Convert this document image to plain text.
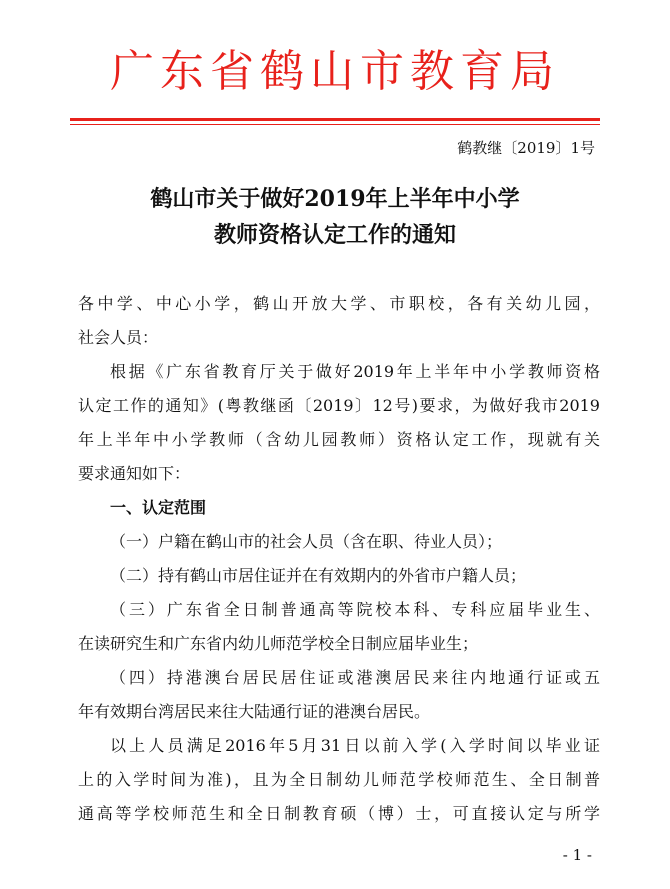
广东省鹤山市教育局
鹤教继〔2019〕1号
鹤山市关于做好2019年上半年中小学
教师资格认定工作的通知
各中学、中心小学，鹤山开放大学、市职校，各有关幼儿园，
社会人员：
根据《广东省教育厅关于做好2019年上半年中小学教师资格
认定工作的通知》(粤教继函〔2019〕12号)要求，为做好我市2019
年上半年中小学教师（含幼儿园教师）资格认定工作，现就有关
要求通知如下：
一、认定范围
（一）户籍在鹤山市的社会人员（含在职、待业人员）；
（二）持有鹤山市居住证并在有效期内的外省市户籍人员；
（三）广东省全日制普通高等院校本科、专科应届毕业生、
在读研究生和广东省内幼儿师范学校全日制应届毕业生；
（四）持港澳台居民居住证或港澳居民来往内地通行证或五
年有效期台湾居民来往大陆通行证的港澳台居民。
以上人员满足2016年5月31日以前入学(入学时间以毕业证
上的入学时间为准)，且为全日制幼儿师范学校师范生、全日制普
通高等学校师范生和全日制教育硕（博）士，可直接认定与所学
- 1 -
